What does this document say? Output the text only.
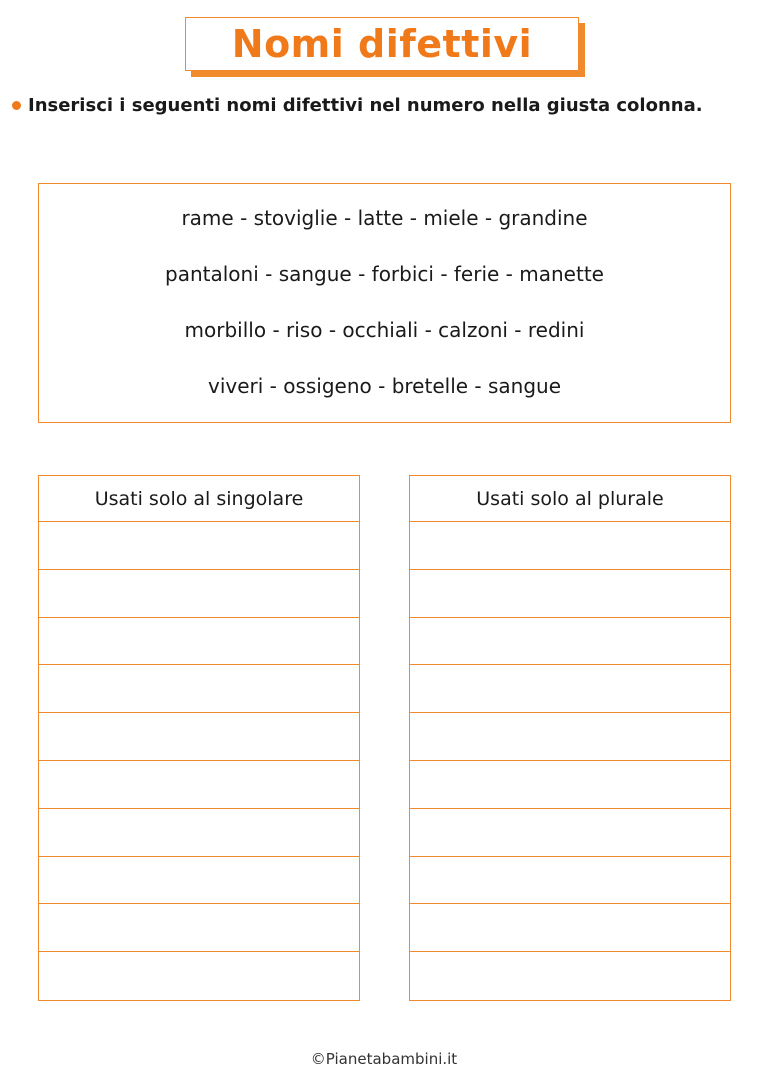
Nomi difettivi
Inserisci i seguenti nomi difettivi nel numero nella giusta colonna.
rame - stoviglie - latte - miele - grandine
pantaloni - sangue - forbici - ferie - manette
morbillo - riso - occhiali - calzoni - redini
viveri - ossigeno - bretelle - sangue
Usati solo al singolare	Usati solo al plurale
©Pianetabambini.it
